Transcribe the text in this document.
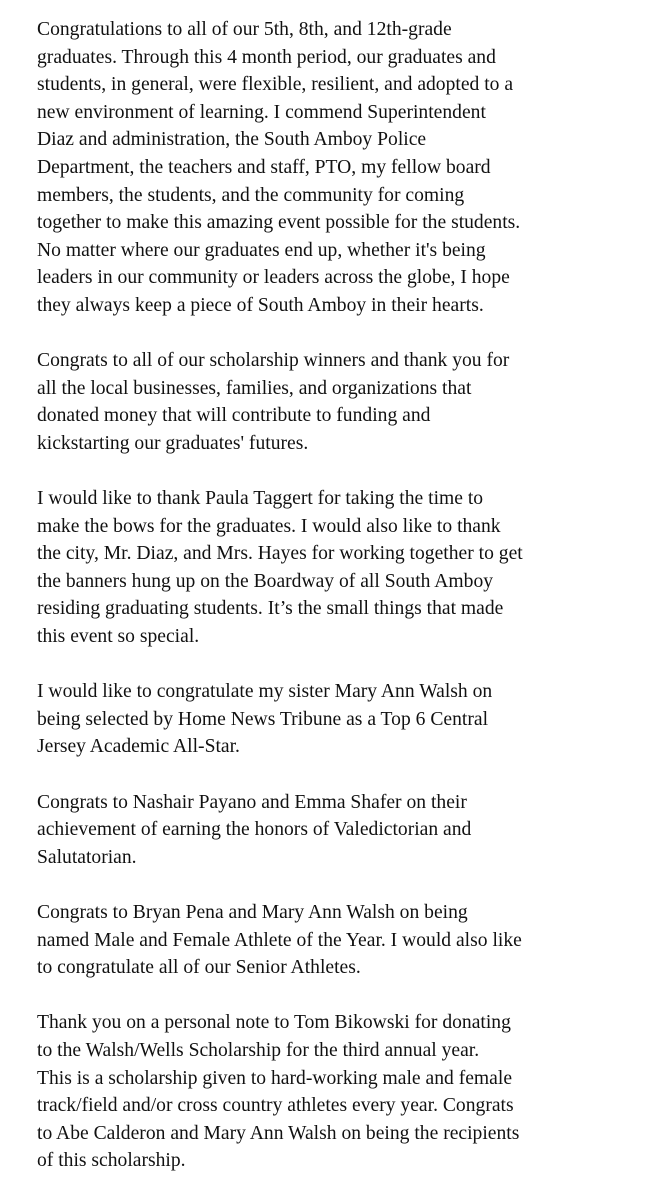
Congratulations to all of our 5th, 8th, and 12th-grade
graduates. Through this 4 month period, our graduates and
students, in general, were flexible, resilient, and adopted to a
new environment of learning. I commend Superintendent
Diaz and administration, the South Amboy Police
Department, the teachers and staff, PTO, my fellow board
members, the students, and the community for coming
together to make this amazing event possible for the students.
No matter where our graduates end up, whether it's being
leaders in our community or leaders across the globe, I hope
they always keep a piece of South Amboy in their hearts.

Congrats to all of our scholarship winners and thank you for
all the local businesses, families, and organizations that
donated money that will contribute to funding and
kickstarting our graduates' futures.

I would like to thank Paula Taggert for taking the time to
make the bows for the graduates. I would also like to thank
the city, Mr. Diaz, and Mrs. Hayes for working together to get
the banners hung up on the Boardway of all South Amboy
residing graduating students. It’s the small things that made
this event so special.

I would like to congratulate my sister Mary Ann Walsh on
being selected by Home News Tribune as a Top 6 Central
Jersey Academic All-Star.

Congrats to Nashair Payano and Emma Shafer on their
achievement of earning the honors of Valedictorian and
Salutatorian.

Congrats to Bryan Pena and Mary Ann Walsh on being
named Male and Female Athlete of the Year. I would also like
to congratulate all of our Senior Athletes.

Thank you on a personal note to Tom Bikowski for donating
to the Walsh/Wells Scholarship for the third annual year.
This is a scholarship given to hard-working male and female
track/field and/or cross country athletes every year. Congrats
to Abe Calderon and Mary Ann Walsh on being the recipients
of this scholarship.
